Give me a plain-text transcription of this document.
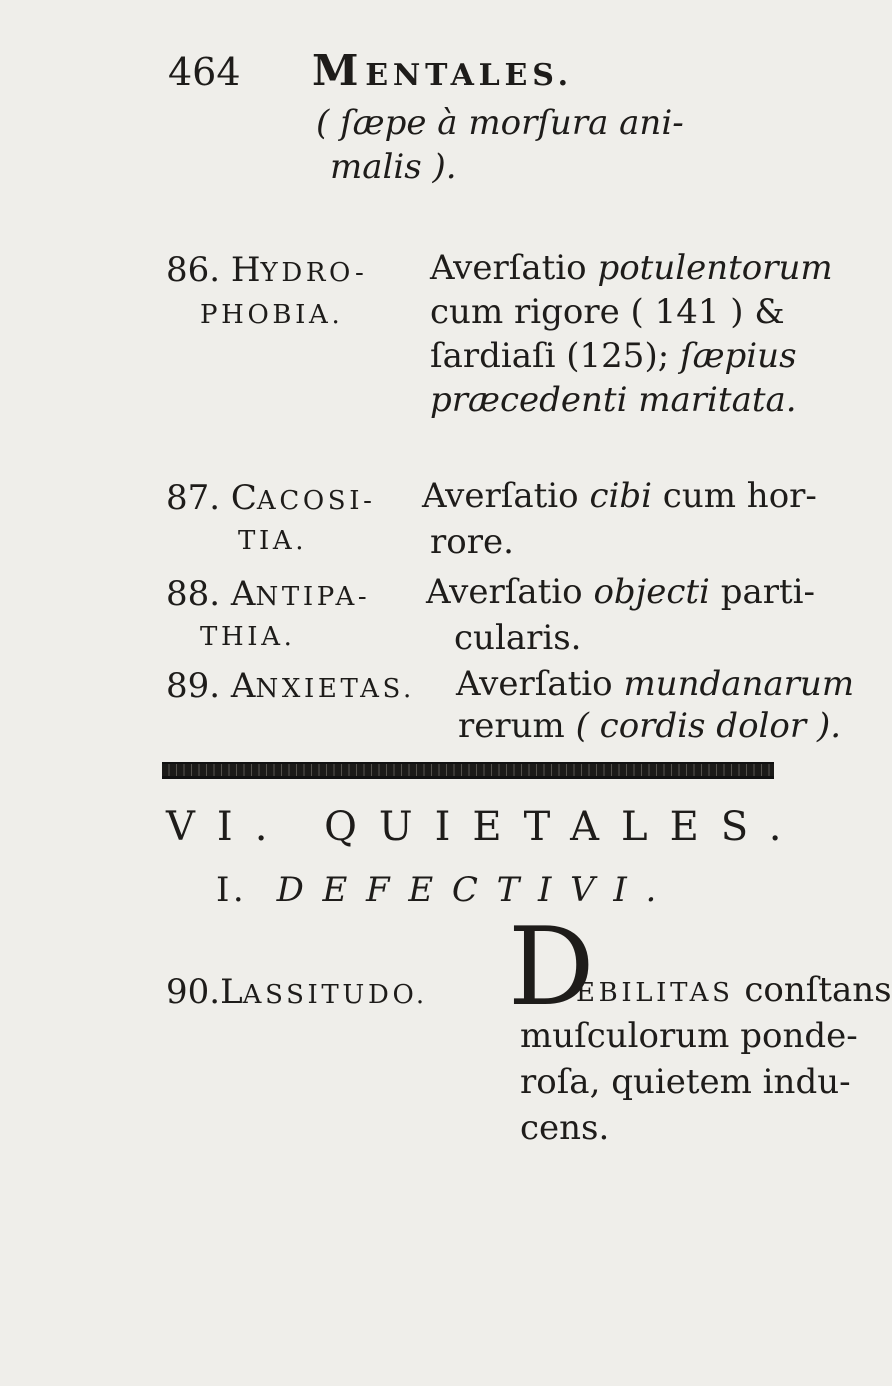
464 MENTALES.
( ſæpe à morſura ani-
malis ).
86. HYDRO-
PHOBIA.
Averſatio potulentorum
cum rigore ( 141 ) &
ſardiaſi (125); ſæpius
præcedenti maritata.
87. CACOSI-
TIA.
Averſatio cibi cum hor-
rore.
88. ANTIPA-
THIA.
Averſatio objecti parti-
cularis.
89. ANXIETAS. Averſatio mundanarum
rerum ( cordis dolor ).
VI. QUIETALES.
I. DEFECTIVI.
90.LASSITUDO. D
EBILITAS conſtans
muſculorum ponde-
roſa, quietem indu-
cens.
